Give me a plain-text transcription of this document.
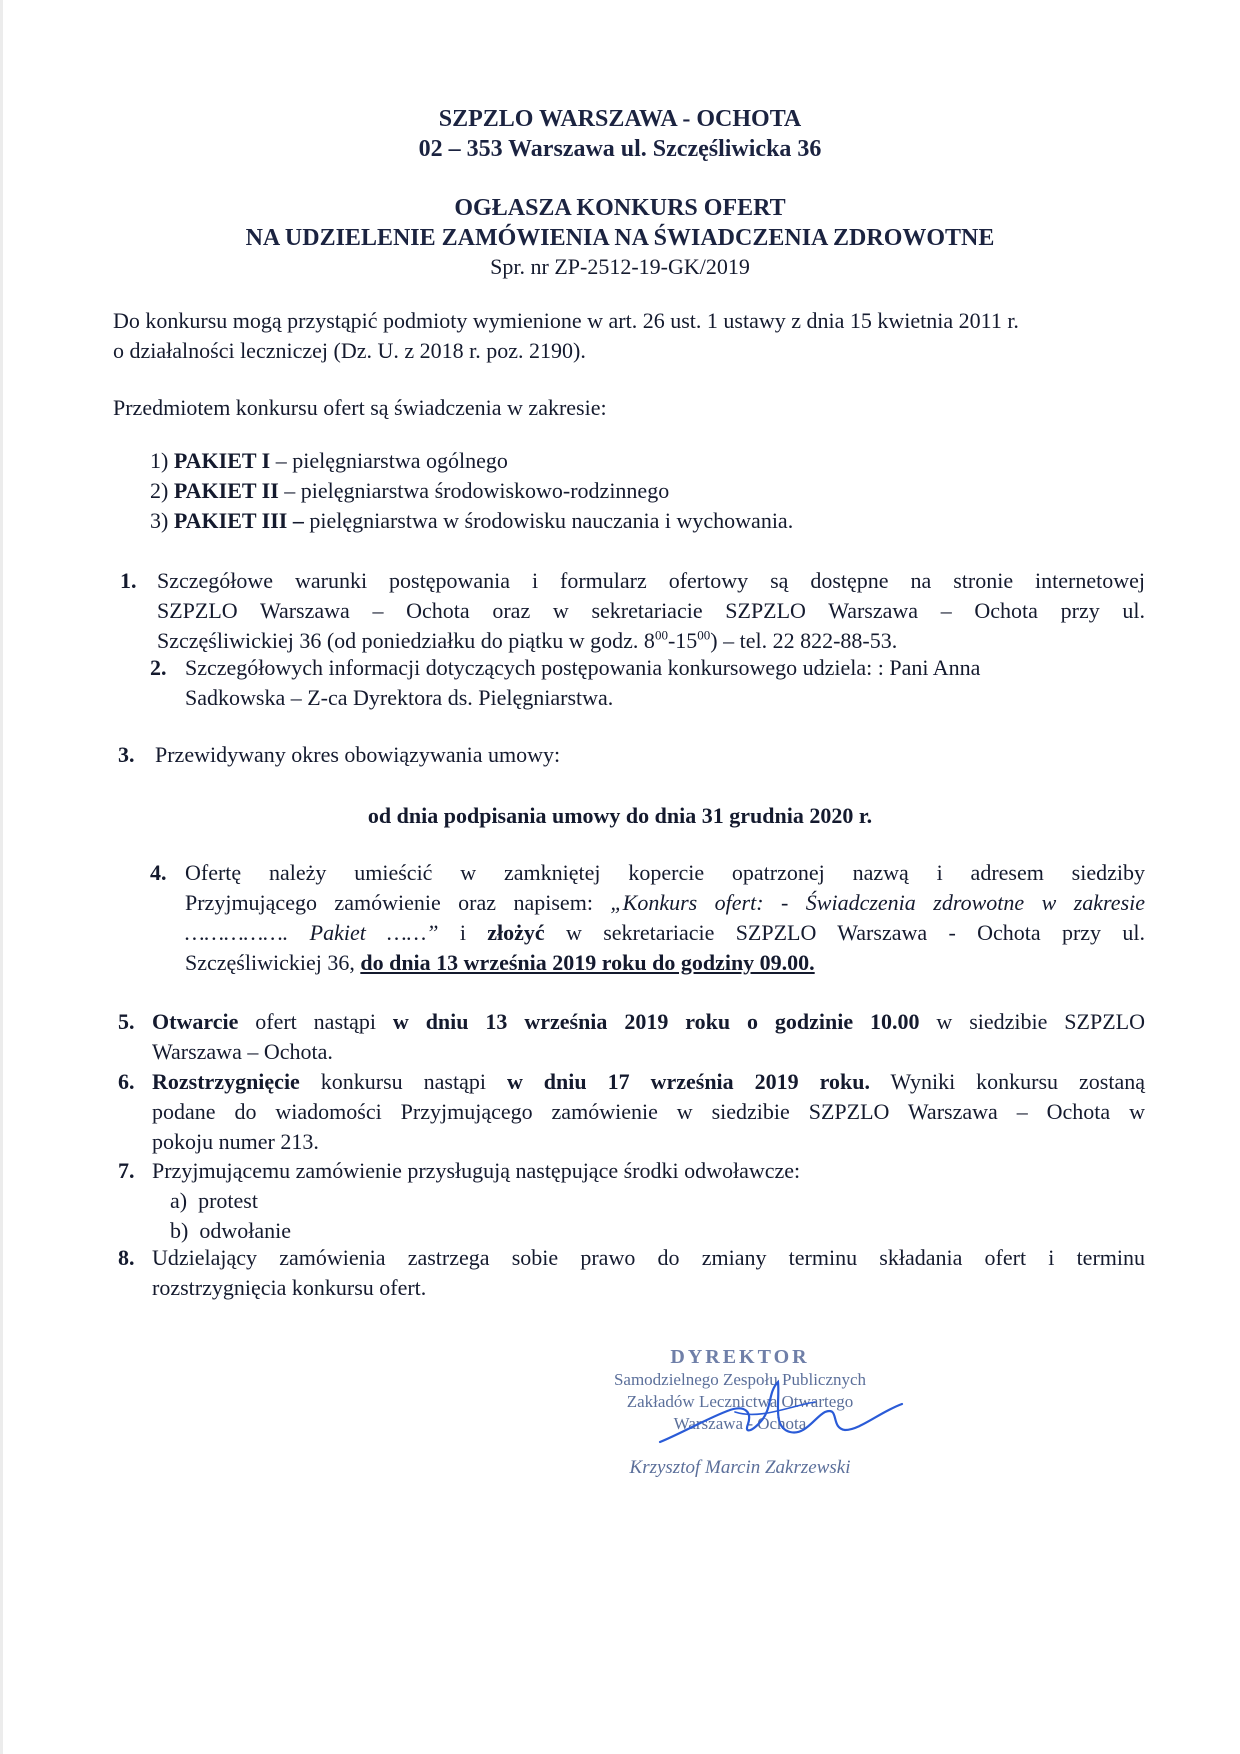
SZPZLO WARSZAWA - OCHOTA
02 – 353 Warszawa ul. Szczęśliwicka 36
OGŁASZA KONKURS OFERT
NA UDZIELENIE ZAMÓWIENIA NA ŚWIADCZENIA ZDROWOTNE
Spr. nr ZP-2512-19-GK/2019
Do konkursu mogą przystąpić podmioty wymienione w art. 26 ust. 1 ustawy z dnia 15 kwietnia 2011 r.
o działalności leczniczej (Dz. U. z 2018 r. poz. 2190).
Przedmiotem konkursu ofert są świadczenia w zakresie:
1) PAKIET I – pielęgniarstwa ogólnego
2) PAKIET II – pielęgniarstwa środowiskowo-rodzinnego
3) PAKIET III – pielęgniarstwa w środowisku nauczania i wychowania.
1. Szczegółowe warunki postępowania i formularz ofertowy są dostępne na stronie internetowej
SZPZLO Warszawa – Ochota oraz w sekretariacie SZPZLO Warszawa – Ochota przy ul.
Szczęśliwickiej 36 (od poniedziałku do piątku w godz. $8^{00}-15^{00}$) – tel. 22 822-88-53.
2. Szczegółowych informacji dotyczących postępowania konkursowego udziela: : Pani Anna
Sadkowska – Z-ca Dyrektora ds. Pielęgniarstwa.
3. Przewidywany okres obowiązywania umowy:
od dnia podpisania umowy do dnia 31 grudnia 2020 r.
4. Ofertę należy umieścić w zamkniętej kopercie opatrzonej nazwą i adresem siedziby
Przyjmującego zamówienie oraz napisem: „Konkurs ofert: - Świadczenia zdrowotne w zakresie
……………. Pakiet ……” i złożyć w sekretariacie SZPZLO Warszawa - Ochota przy ul.
Szczęśliwickiej 36, do dnia 13 września 2019 roku do godziny 09.00.
5. Otwarcie ofert nastąpi w dniu 13 września 2019 roku o godzinie 10.00 w siedzibie SZPZLO
Warszawa – Ochota.
6. Rozstrzygnięcie konkursu nastąpi w dniu 17 września 2019 roku. Wyniki konkursu zostaną
podane do wiadomości Przyjmującego zamówienie w siedzibie SZPZLO Warszawa – Ochota w
pokoju numer 213.
7. Przyjmującemu zamówienie przysługują następujące środki odwoławcze:
a) protest
b) odwołanie
8. Udzielający zamówienia zastrzega sobie prawo do zmiany terminu składania ofert i terminu
rozstrzygnięcia konkursu ofert.
DYREKTOR
Samodzielnego Zespołu Publicznych
Zakładów Lecznictwa Otwartego
Warszawa - Ochota
Krzysztof Marcin Zakrzewski
